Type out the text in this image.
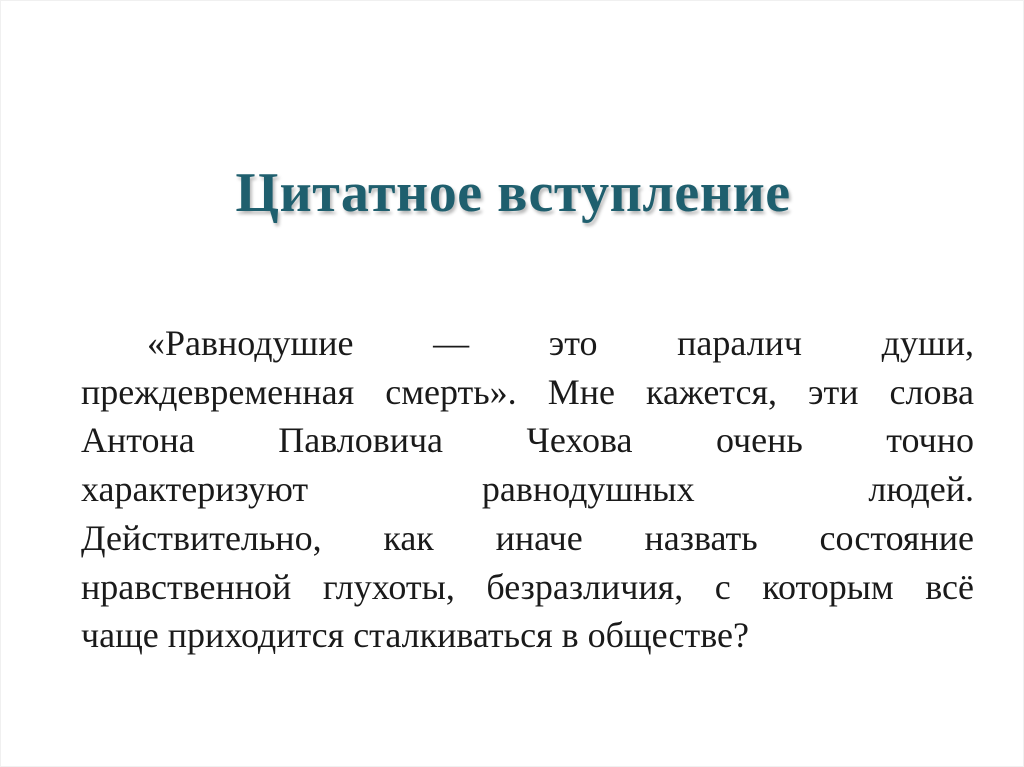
Цитатное вступление
«Равнодушие — это паралич души,
преждевременная смерть». Мне кажется, эти слова
Антона Павловича Чехова очень точно
характеризуют равнодушных людей.
Действительно, как иначе назвать состояние
нравственной глухоты, безразличия, с которым всё
чаще приходится сталкиваться в обществе?
